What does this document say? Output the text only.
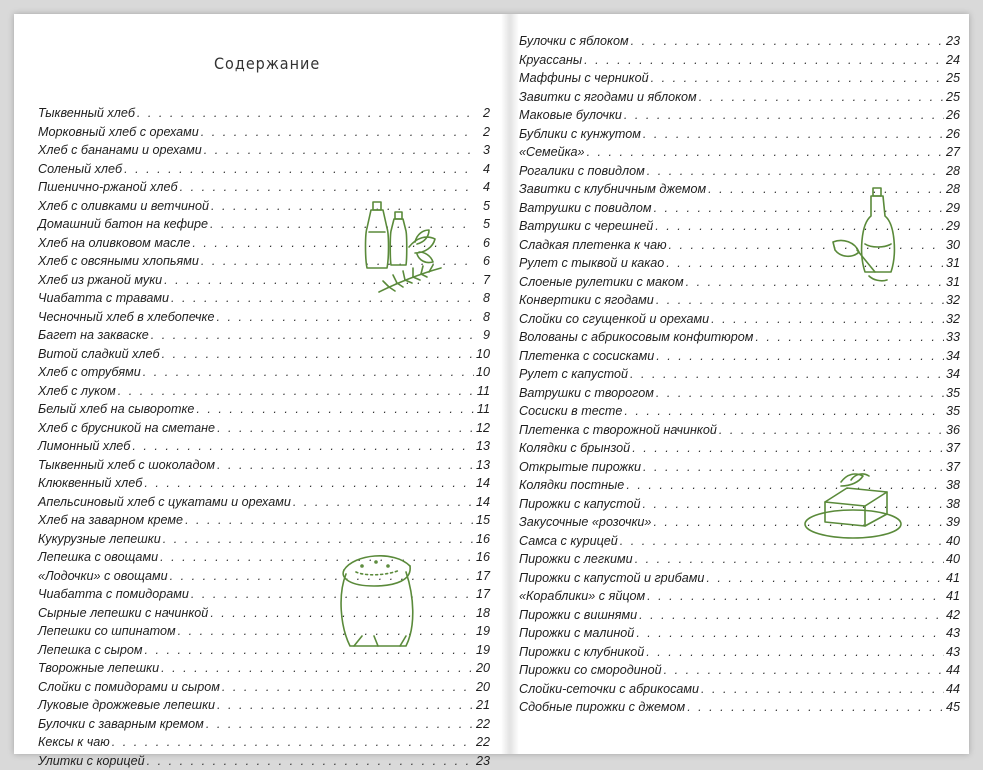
Содержание
Тыквенный хлеб . . .	2
Морковный хлеб с орехами . . .	2
Хлеб с бананами и орехами . . .	3
Соленый хлеб . . .	4
Пшенично-ржаной хлеб . . .	4
Хлеб с оливками и ветчиной . . .	5
Домашний батон на кефире . . .	5
Хлеб на оливковом масле . . .	6
Хлеб с овсяными хлопьями . . .	6
Хлеб из ржаной муки . . .	7
Чиабатта с травами . . .	8
Чесночный хлеб в хлебопечке . . .	8
Багет на закваске . . .	9
Витой сладкий хлеб . . .	10
Хлеб с отрубями . . .	10
Хлеб с луком . . .	11
Белый хлеб на сыворотке . . .	11
Хлеб с брусникой на сметане . . .	12
Лимонный хлеб . . .	13
Тыквенный хлеб с шоколадом . . .	13
Клюквенный хлеб . . .	14
Апельсиновый хлеб с цукатами и орехами . . .	14
Хлеб на заварном креме . . .	15
Кукурузные лепешки . . .	16
Лепешка с овощами . . .	16
«Лодочки» с овощами . . .	17
Чиабатта с помидорами . . .	17
Сырные лепешки с начинкой . . .	18
Лепешки со шпинатом . . .	19
Лепешка с сыром . . .	19
Творожные лепешки . . .	20
Слойки с помидорами и сыром . . .	20
Луковые дрожжевые лепешки . . .	21
Булочки с заварным кремом . . .	22
Кексы к чаю . . .	22
Улитки с корицей . . .	23
Булочки с яблоком . . .	23
Круассаны . . .	24
Маффины с черникой . . .	25
Завитки с ягодами и яблоком . . .	25
Маковые булочки . . .	26
Бублики с кунжутом . . .	26
«Семейка» . . .	27
Рогалики с повидлом . . .	28
Завитки с клубничным джемом . . .	28
Ватрушки с повидлом . . .	29
Ватрушки с черешней . . .	29
Сладкая плетенка к чаю . . .	30
Рулет с тыквой и какао . . .	31
Слоеные рулетики с маком . . .	31
Конвертики с ягодами . . .	32
Слойки со сгущенкой и орехами . . .	32
Волованы с абрикосовым конфитюром . . .	33
Плетенка с сосисками . . .	34
Рулет с капустой . . .	34
Ватрушки с творогом . . .	35
Сосиски в тесте . . .	35
Плетенка с творожной начинкой . . .	36
Колядки с брынзой . . .	37
Открытые пирожки . . .	37
Колядки постные . . .	38
Пирожки с капустой . . .	38
Закусочные «розочки» . . .	39
Самса с курицей . . .	40
Пирожки с легкими . . .	40
Пирожки с капустой и грибами . . .	41
«Кораблики» с яйцом . . .	41
Пирожки с вишнями . . .	42
Пирожки с малиной . . .	43
Пирожки с клубникой . . .	43
Пирожки со смородиной . . .	44
Слойки-сеточки с абрикосами . . .	44
Сдобные пирожки с джемом . . .	45
